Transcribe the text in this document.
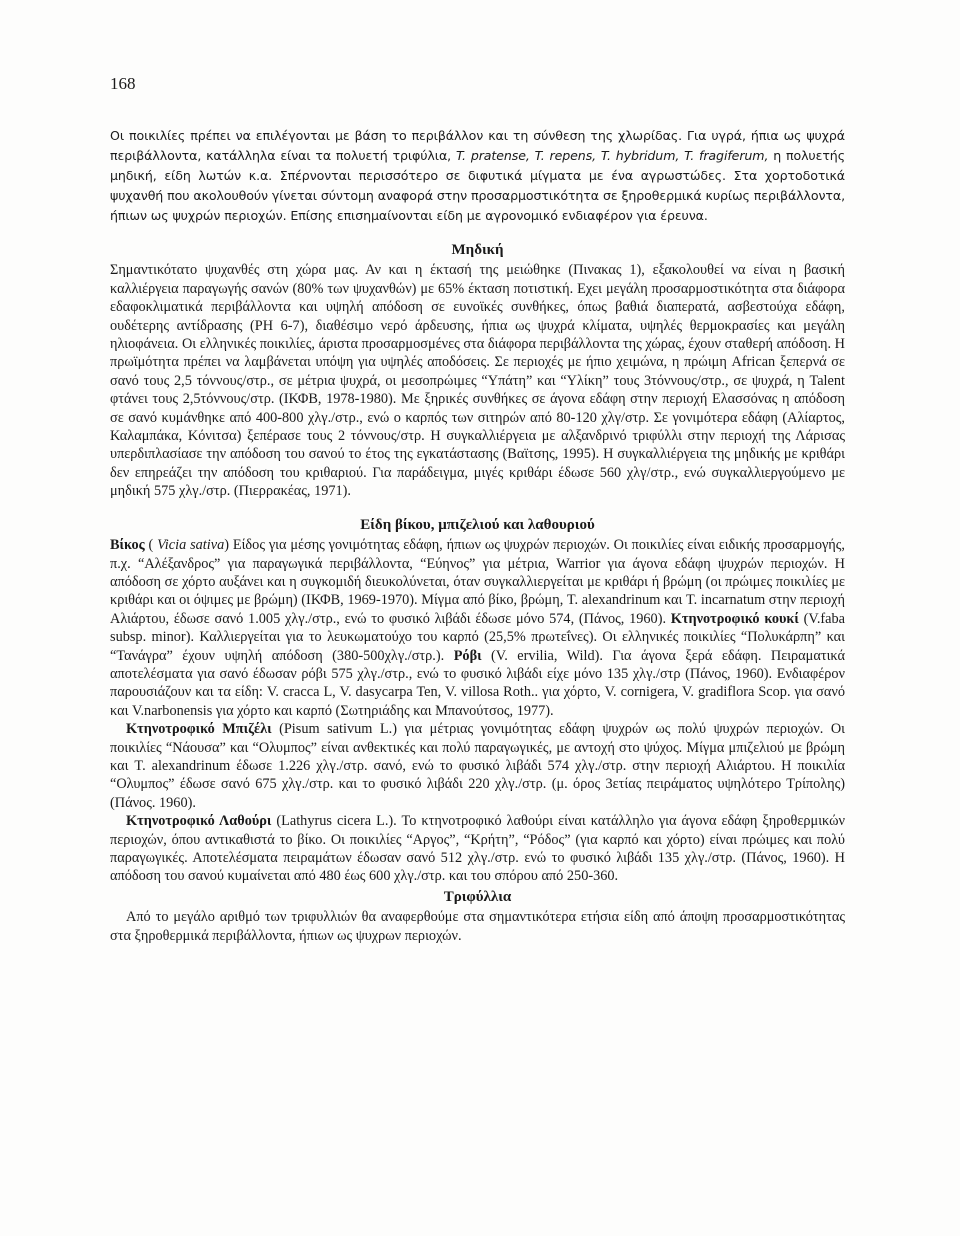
168

Οι ποικιλίες πρέπει να επιλέγονται με βάση το περιβάλλον και τη σύνθεση της χλωρίδας. Για υγρά, ήπια ως ψυχρά περιβάλλοντα, κατάλληλα είναι τα πολυετή τριφύλια, T. pratense, T. repens, T. hybridum, T. fragiferum, η πολυετής μηδική, είδη λωτών κ.α. Σπέρνονται περισσότερο σε διφυτικά μίγματα με ένα αγρωστώδες. Στα χορτοδοτικά ψυχανθή που ακολουθούν γίνεται σύντομη αναφορά στην προσαρμοστικότητα σε ξηροθερμικά κυρίως περιβάλλοντα, ήπιων ως ψυχρών περιοχών. Επίσης επισημαίνονται είδη με αγρονομικό ενδιαφέρον για έρευνα.

Μηδική

Σημαντικότατο ψυχανθές στη χώρα μας. Αν και η έκτασή της μειώθηκε (Πινακας 1), εξακολουθεί να είναι η βασική καλλιέργεια παραγωγής σανών (80% των ψυχανθών) με 65% έκταση ποτιστική. Εχει μεγάλη προσαρμοστικότητα στα διάφορα εδαφοκλιματικά περιβάλλοντα και υψηλή απόδοση σε ευνοϊκές συνθήκες, όπως βαθιά διαπερατά, ασβεστούχα εδάφη, ουδέτερης αντίδρασης (PH 6-7), διαθέσιμο νερό άρδευσης, ήπια ως ψυχρά κλίματα, υψηλές θερμοκρασίες και μεγάλη ηλιοφάνεια. Οι ελληνικές ποικιλίες, άριστα προσαρμοσμένες στα διάφορα περιβάλλοντα της χώρας, έχουν σταθερή απόδοση. Η πρωϊμότητα πρέπει να λαμβάνεται υπόψη για υψηλές αποδόσεις. Σε περιοχές με ήπιο χειμώνα, η πρώιμη African ξεπερνά σε σανό τους 2,5 τόννους/στρ., σε μέτρια ψυχρά, οι μεσοπρώιμες “Υπάτη” και “Υλίκη” τους 3τόννους/στρ., σε ψυχρά, η Talent φτάνει τους 2,5τόννους/στρ. (ΙΚΦΒ, 1978-1980). Με ξηρικές συνθήκες σε άγονα εδάφη στην περιοχή Ελασσόνας η απόδοση σε σανό κυμάνθηκε από 400-800 χλγ./στρ., ενώ ο καρπός των σιτηρών από 80-120 χλγ/στρ. Σε γονιμότερα εδάφη (Αλίαρτος, Καλαμπάκα, Κόνιτσα) ξεπέρασε τους 2 τόννους/στρ. Η συγκαλλιέργεια με αλξανδρινό τριφύλλι στην περιοχή της Λάρισας υπερδιπλασίασε την απόδοση του σανού το έτος της εγκατάστασης (Βαϊτσης, 1995). Η συγκαλλιέργεια της μηδικής με κριθάρι δεν επηρεάζει την απόδοση του κριθαριού. Για παράδειγμα, μιγές κριθάρι έδωσε 560 χλγ/στρ., ενώ συγκαλλιεργούμενο με μηδική 575 χλγ./στρ. (Πιερρακέας, 1971).

Είδη βίκου, μπιζελιού και λαθουριού

Βίκος ( Vicia sativa) Είδος για μέσης γονιμότητας εδάφη, ήπιων ως ψυχρών περιοχών. Οι ποικιλίες είναι ειδικής προσαρμογής, π.χ. “Αλέξανδρος” για παραγωγικά περιβάλλοντα, “Εύηνος” για μέτρια, Warrior για άγονα εδάφη ψυχρών περιοχών. Η απόδοση σε χόρτο αυξάνει και η συγκομιδή διευκολύνεται, όταν συγκαλλιεργείται με κριθάρι ή βρώμη (οι πρώιμες ποικιλίες με κριθάρι και οι όψιμες με βρώμη) (ΙΚΦΒ, 1969-1970). Μίγμα από βίκο, βρώμη, T. alexandrinum και T. incarnatum στην περιοχή Αλιάρτου, έδωσε σανό 1.005 χλγ./στρ., ενώ το φυσικό λιβάδι έδωσε μόνο 574, (Πάνος, 1960). Κτηνοτροφικό κουκί (V.faba subsp. minor). Καλλιεργείται για το λευκωματούχο του καρπό (25,5% πρωτεΐνες). Οι ελληνικές ποικιλίες “Πολυκάρπη” και “Τανάγρα” έχουν υψηλή απόδοση (380-500χλγ./στρ.). Ρόβι (V. ervilia, Wild). Για άγονα ξερά εδάφη. Πειραματικά αποτελέσματα για σανό έδωσαν ρόβι 575 χλγ./στρ., ενώ το φυσικό λιβάδι είχε μόνο 135 χλγ./στρ (Πάνος, 1960). Ενδιαφέρον παρουσιάζουν και τα είδη: V. cracca L, V. dasycarpa Ten, V. villosa Roth.. για χόρτο, V. cornigera, V. gradiflora Scop. για σανό και V.narbonensis για χόρτο και καρπό (Σωτηριάδης και Μπανούτσος, 1977).

Κτηνοτροφικό Μπιζέλι (Pisum sativum L.) για μέτριας γονιμότητας εδάφη ψυχρών ως πολύ ψυχρών περιοχών. Οι ποικιλίες “Νάουσα” και “Ολυμπος” είναι ανθεκτικές και πολύ παραγωγικές, με αντοχή στο ψύχος. Μίγμα μπιζελιού με βρώμη και T. alexandrinum έδωσε 1.226 χλγ./στρ. σανό, ενώ το φυσικό λιβάδι 574 χλγ./στρ. στην περιοχή Αλιάρτου. Η ποικιλία “Ολυμπος” έδωσε σανό 675 χλγ./στρ. και το φυσικό λιβάδι 220 χλγ./στρ. (μ. όρος 3ετίας πειράματος υψηλότερο Τρίπολης) (Πάνος. 1960).

Κτηνοτροφικό Λαθούρι (Lathyrus cicera L.). Το κτηνοτροφικό λαθούρι είναι κατάλληλο για άγονα εδάφη ξηροθερμικών περιοχών, όπου αντικαθιστά το βίκο. Οι ποικιλίες “Αργος”, “Κρήτη”, “Ρόδος” (για καρπό και χόρτο) είναι πρώιμες και πολύ παραγωγικές. Αποτελέσματα πειραμάτων έδωσαν σανό 512 χλγ./στρ. ενώ το φυσικό λιβάδι 135 χλγ./στρ. (Πάνος, 1960). Η απόδοση του σανού κυμαίνεται από 480 έως 600 χλγ./στρ. και του σπόρου από 250-360.

Τριφύλλια

Από το μεγάλο αριθμό των τριφυλλιών θα αναφερθούμε στα σημαντικότερα ετήσια είδη από άποψη προσαρμοστικότητας στα ξηροθερμικά περιβάλλοντα, ήπιων ως ψυχρων περιοχών.
